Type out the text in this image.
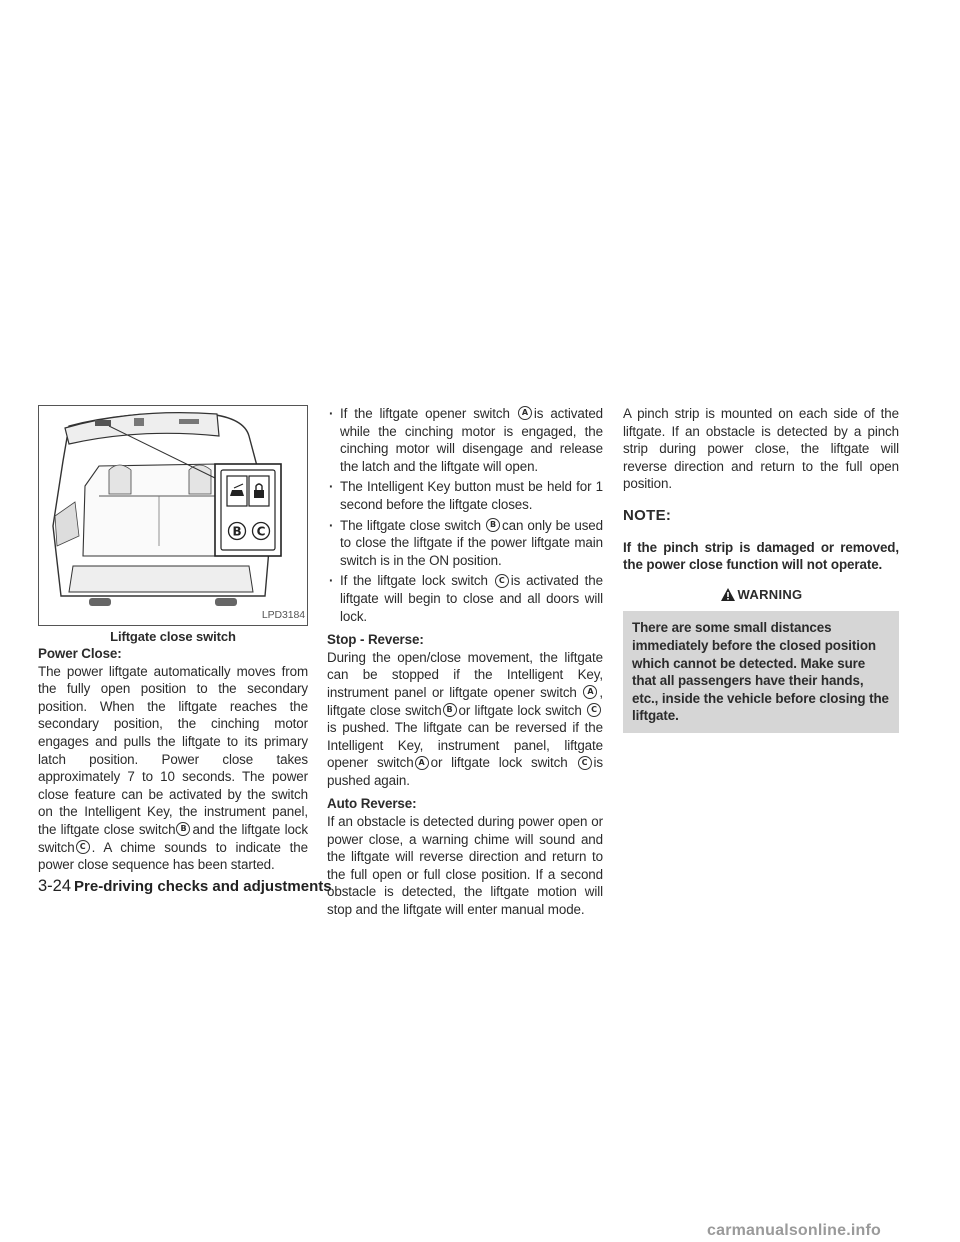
B C
LPD3184
Liftgate close switch
Power Close:

The power liftgate automatically moves from the fully open position to the secondary position. When the liftgate reaches the secondary position, the cinching motor engages and pulls the liftgate to its primary latch position. Power close takes approximately 7 to 10 seconds. The power close feature can be activated by the switch on the Intelligent Key, the instrument panel, the liftgate close switch B and the liftgate lock switch C . A chime sounds to indicate the power close sequence has been started.

· If the liftgate opener switch A is activated while the cinching motor is engaged, the cinching motor will disengage and release the latch and the liftgate will open.
· The Intelligent Key button must be held for 1 second before the liftgate closes.
· The liftgate close switch B can only be used to close the liftgate if the power liftgate main switch is in the ON position.
· If the liftgate lock switch C is activated the liftgate will begin to close and all doors will lock.
Stop - Reverse:

During the open/close movement, the liftgate can be stopped if the Intelligent Key, instrument panel or liftgate opener switch A , liftgate close switch B or liftgate lock switch Cis pushed. The liftgate can be reversed if the Intelligent Key, instrument panel, liftgate opener switch A or liftgate lock switch C is pushed again.

Auto Reverse:

If an obstacle is detected during power open or power close, a warning chime will sound and the liftgate will reverse direction and return to the full open or full close position. If a second obstacle is detected, the liftgate motion will stop and the liftgate will enter manual mode.

A pinch strip is mounted on each side of the liftgate. If an obstacle is detected by a pinch strip during power close, the liftgate will reverse direction and return to the full open position.

NOTE:

If the pinch strip is damaged or removed, the power close function will not operate.

WARNING
There are some small distances immediately before the closed position which cannot be detected. Make sure that all passengers have their hands, etc., inside the vehicle before closing the liftgate.
3-24 Pre-driving checks and adjustments
carmanualsonline.info
